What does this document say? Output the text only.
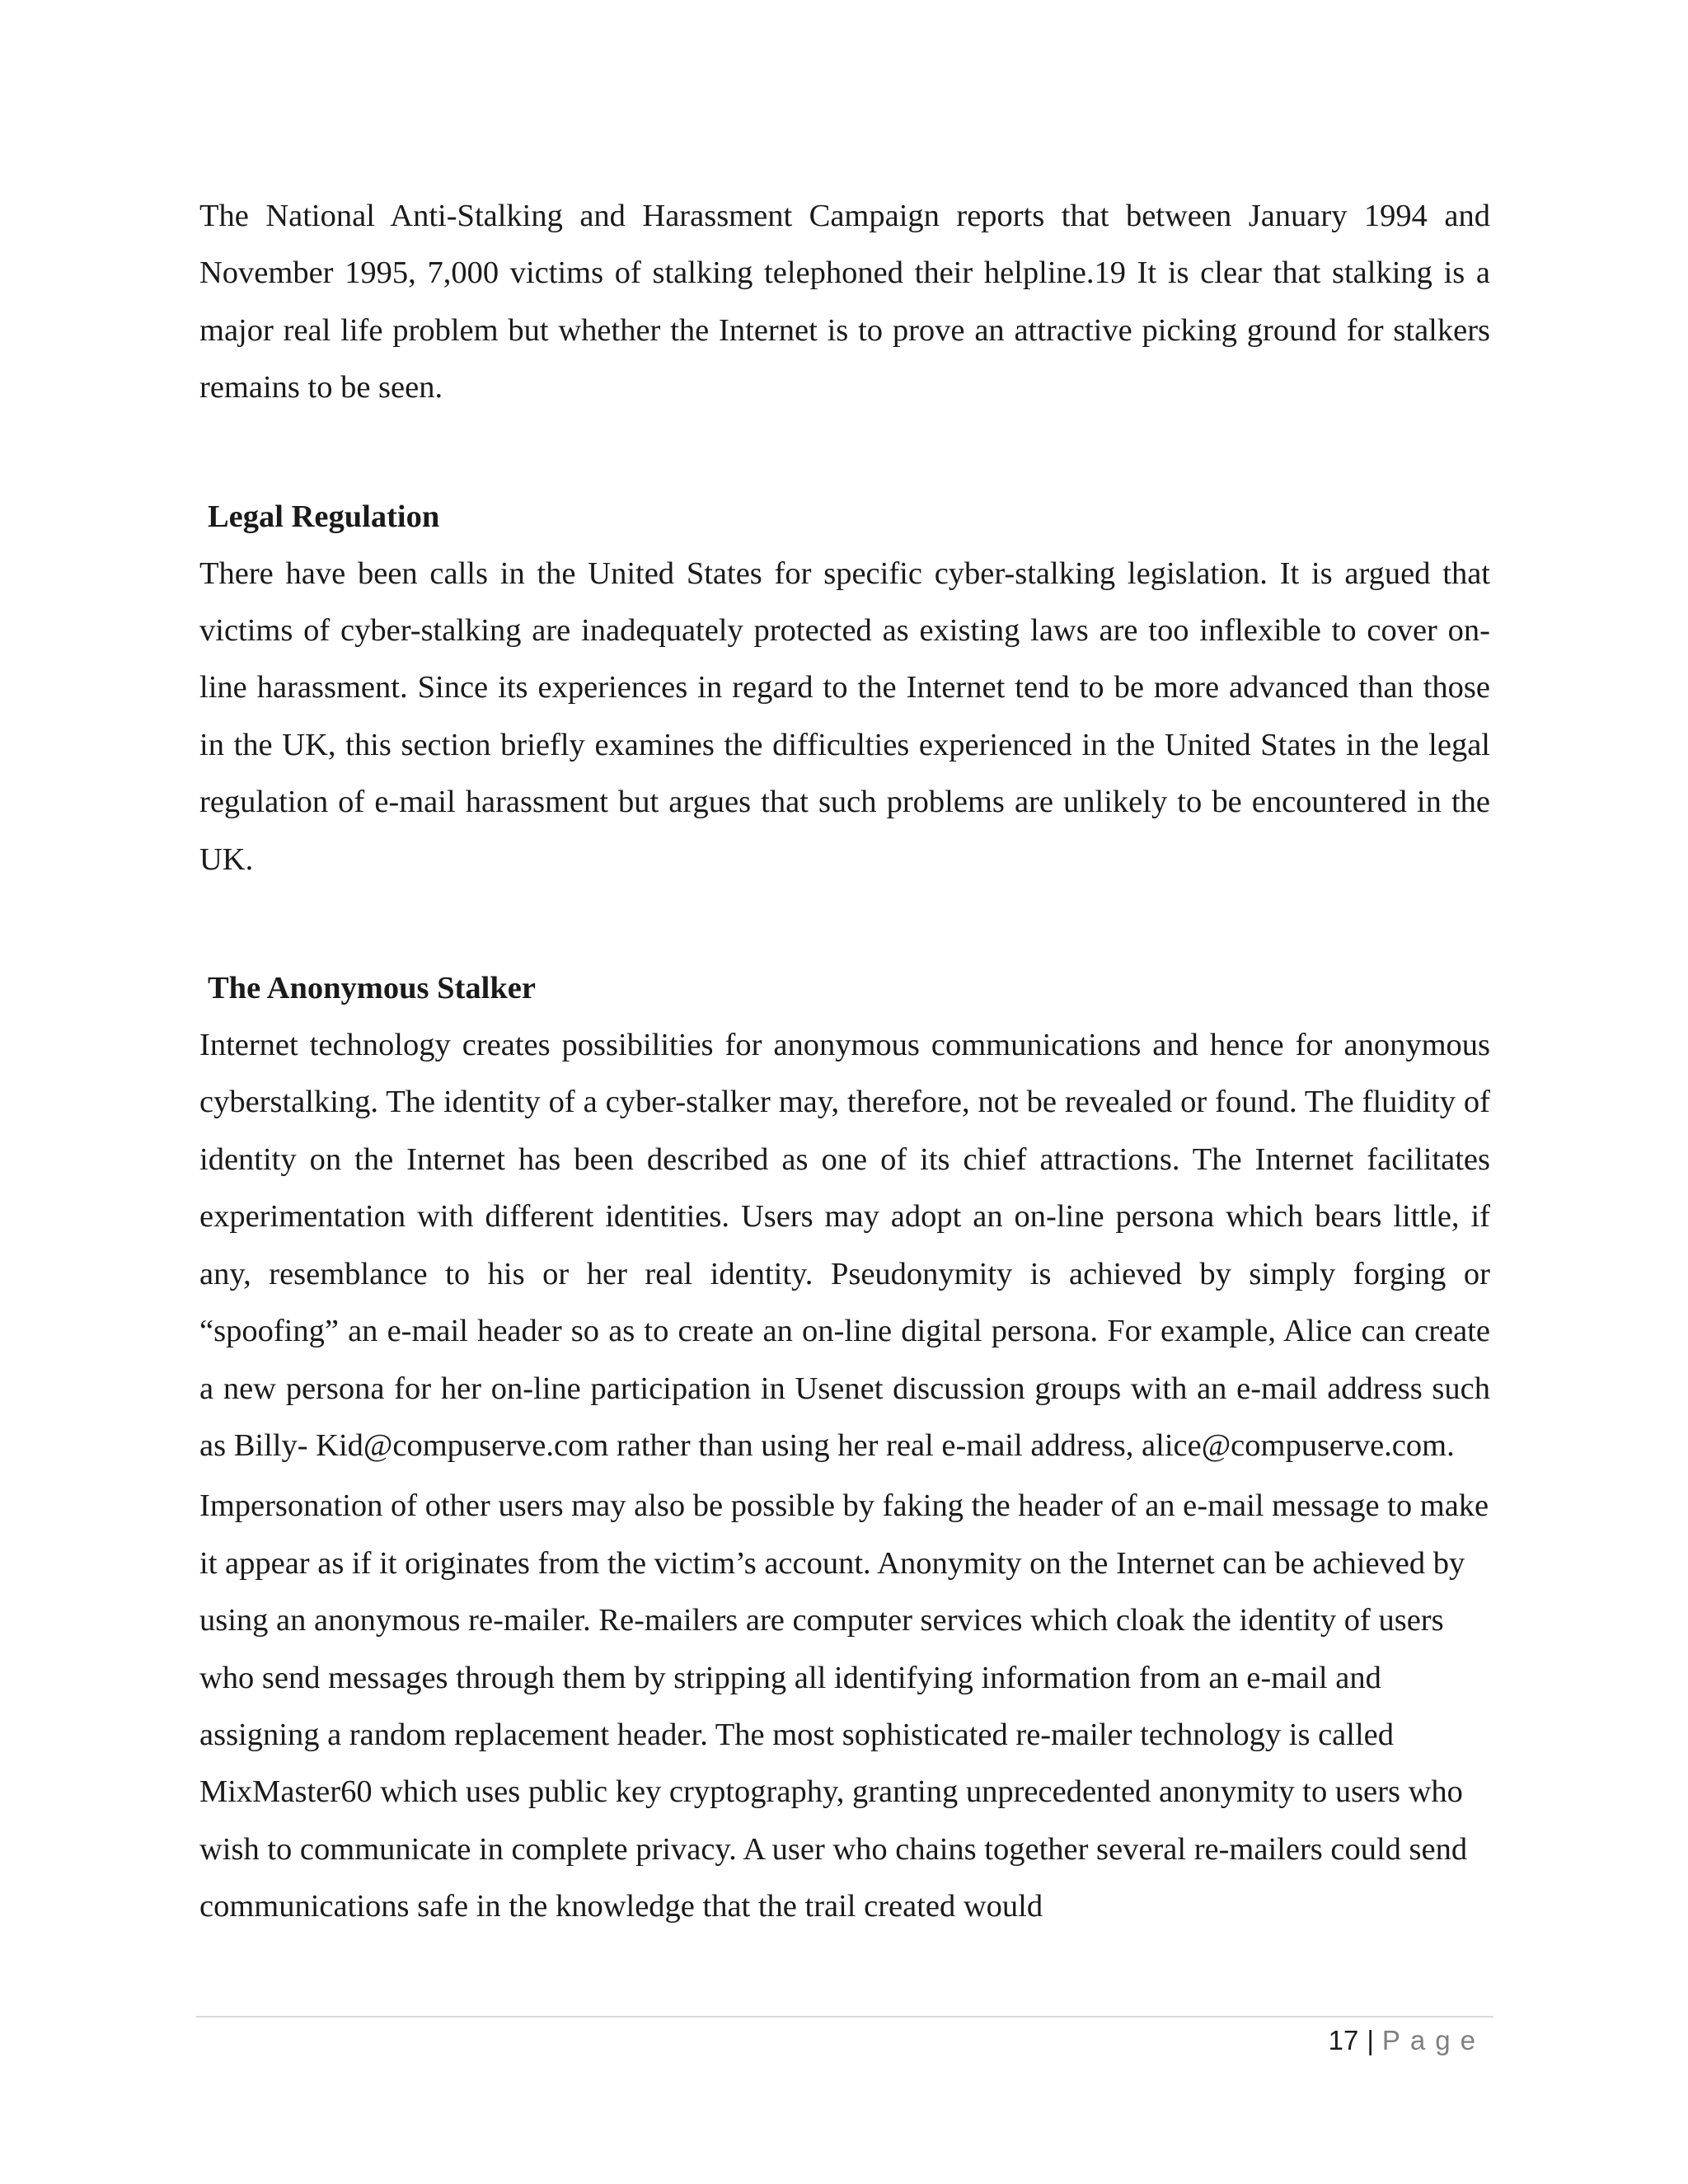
The National Anti-Stalking and Harassment Campaign reports that between January 1994 and November 1995, 7,000 victims of stalking telephoned their helpline.19 It is clear that stalking is a major real life problem but whether the Internet is to prove an attractive picking ground for stalkers remains to be seen.

Legal Regulation

There have been calls in the United States for specific cyber-stalking legislation. It is argued that victims of cyber-stalking are inadequately protected as existing laws are too inflexible to cover on-line harassment. Since its experiences in regard to the Internet tend to be more advanced than those in the UK, this section briefly examines the difficulties experienced in the United States in the legal regulation of e-mail harassment but argues that such problems are unlikely to be encountered in the UK.

The Anonymous Stalker

Internet technology creates possibilities for anonymous communications and hence for anonymous cyberstalking. The identity of a cyber-stalker may, therefore, not be revealed or found. The fluidity of identity on the Internet has been described as one of its chief attractions. The Internet facilitates experimentation with different identities. Users may adopt an on-line persona which bears little, if any, resemblance to his or her real identity. Pseudonymity is achieved by simply forging or “spoofing” an e-mail header so as to create an on-line digital persona. For example, Alice can create a new persona for her on-line participation in Usenet discussion groups with an e-mail address such as Billy- Kid@compuserve.com rather than using her real e-mail address, alice@compuserve.com.

Impersonation of other users may also be possible by faking the header of an e-mail message to make it appear as if it originates from the victim’s account. Anonymity on the Internet can be achieved by using an anonymous re-mailer. Re-mailers are computer services which cloak the identity of users who send messages through them by stripping all identifying information from an e-mail and assigning a random replacement header. The most sophisticated re-mailer technology is called MixMaster60 which uses public key cryptography, granting unprecedented anonymity to users who wish to communicate in complete privacy. A user who chains together several re-mailers could send communications safe in the knowledge that the trail created would

17 | Page
